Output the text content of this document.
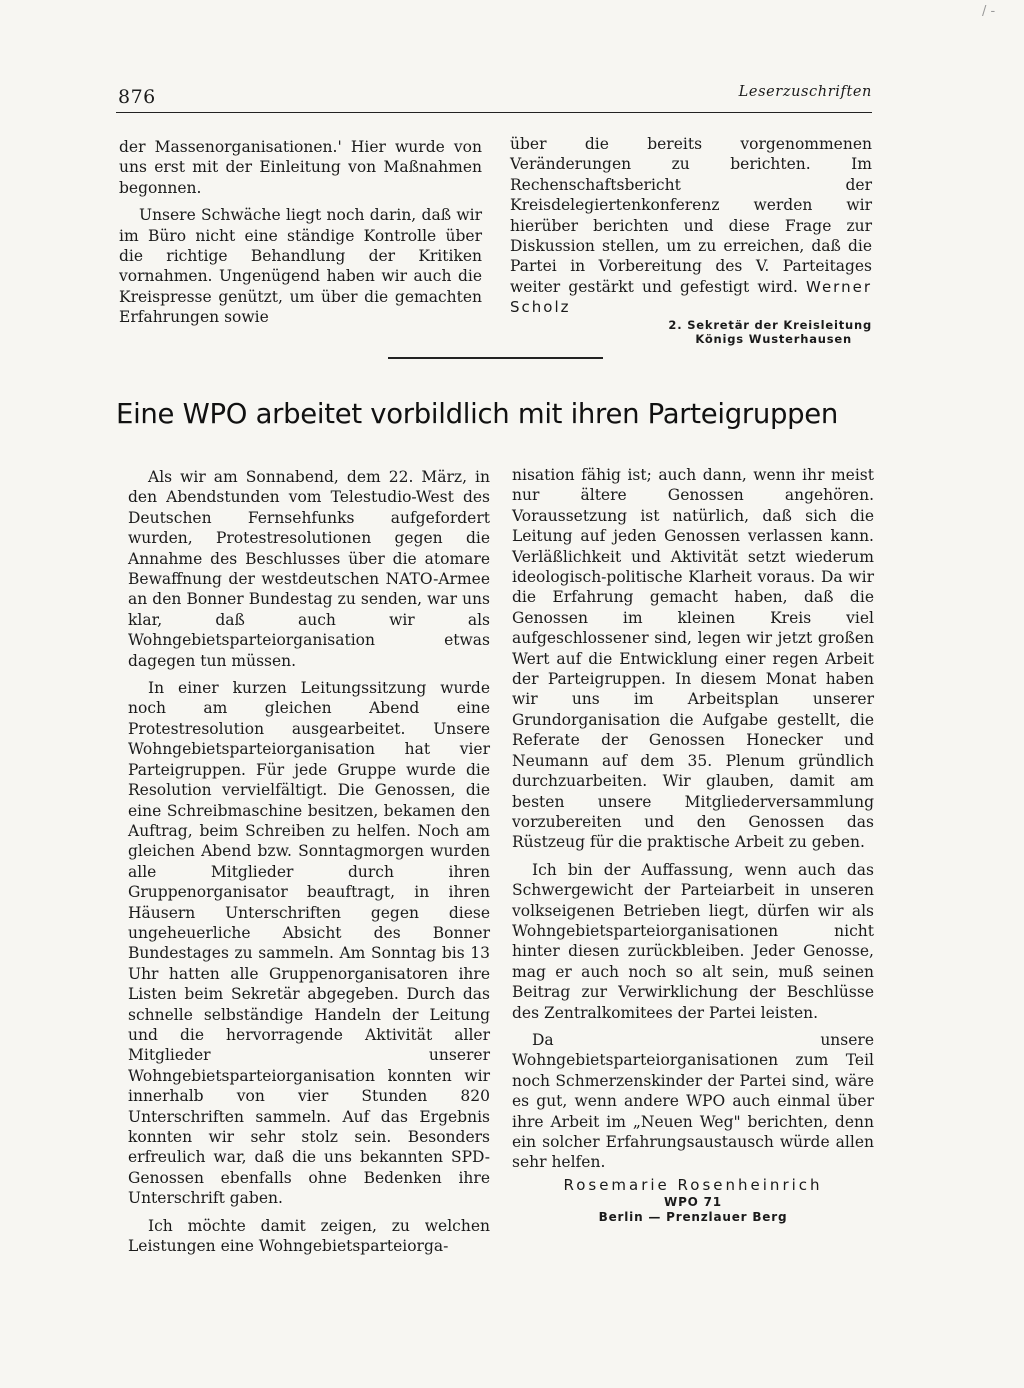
876	Leserzuschriften
/ -

der Massenorganisationen.' Hier wurde von uns erst mit der Einleitung von Maßnahmen begonnen.

Unsere Schwäche liegt noch darin, daß wir im Büro nicht eine ständige Kontrolle über die richtige Behandlung der Kritiken vornahmen. Ungenügend haben wir auch die Kreispresse genützt, um über die gemachten Erfahrungen sowie

über die bereits vorgenommenen Veränderungen zu berichten. Im Rechenschaftsbericht der Kreisdelegiertenkonferenz werden wir hierüber berichten und diese Frage zur Diskussion stellen, um zu erreichen, daß die Partei in Vorbereitung des V. Parteitages weiter gestärkt und gefestigt wird. Werner Scholz

2. Sekretär der Kreisleitung
Königs Wusterhausen
Eine WPO arbeitet vorbildlich mit ihren Parteigruppen

Als wir am Sonnabend, dem 22. März, in den Abendstunden vom Telestudio-West des Deutschen Fernsehfunks aufgefordert wurden, Protestresolutionen gegen die Annahme des Beschlusses über die atomare Bewaffnung der westdeutschen NATO-Armee an den Bonner Bundestag zu senden, war uns klar, daß auch wir als Wohngebietsparteiorganisation etwas dagegen tun müssen.

In einer kurzen Leitungssitzung wurde noch am gleichen Abend eine Protestresolution ausgearbeitet. Unsere Wohngebietsparteiorganisation hat vier Parteigruppen. Für jede Gruppe wurde die Resolution vervielfältigt. Die Genossen, die eine Schreibmaschine besitzen, bekamen den Auftrag, beim Schreiben zu helfen. Noch am gleichen Abend bzw. Sonntagmorgen wurden alle Mitglieder durch ihren Gruppenorganisator beauftragt, in ihren Häusern Unterschriften gegen diese ungeheuerliche Absicht des Bonner Bundestages zu sammeln. Am Sonntag bis 13 Uhr hatten alle Gruppenorganisatoren ihre Listen beim Sekretär abgegeben. Durch das schnelle selbständige Handeln der Leitung und die hervorragende Aktivität aller Mitglieder unserer Wohngebietsparteiorganisation konnten wir innerhalb von vier Stunden 820 Unterschriften sammeln. Auf das Ergebnis konnten wir sehr stolz sein. Besonders erfreulich war, daß die uns bekannten SPD-Genossen ebenfalls ohne Bedenken ihre Unterschrift gaben.

Ich möchte damit zeigen, zu welchen Leistungen eine Wohngebietsparteiorga-

nisation fähig ist; auch dann, wenn ihr meist nur ältere Genossen angehören. Voraussetzung ist natürlich, daß sich die Leitung auf jeden Genossen verlassen kann. Verläßlichkeit und Aktivität setzt wiederum ideologisch-politische Klarheit voraus. Da wir die Erfahrung gemacht haben, daß die Genossen im kleinen Kreis viel aufgeschlossener sind, legen wir jetzt großen Wert auf die Entwicklung einer regen Arbeit der Parteigruppen. In diesem Monat haben wir uns im Arbeitsplan unserer Grundorganisation die Aufgabe gestellt, die Referate der Genossen Honecker und Neumann auf dem 35. Plenum gründlich durchzuarbeiten. Wir glauben, damit am besten unsere Mitgliederversammlung vorzubereiten und den Genossen das Rüstzeug für die praktische Arbeit zu geben.

Ich bin der Auffassung, wenn auch das Schwergewicht der Parteiarbeit in unseren volkseigenen Betrieben liegt, dürfen wir als Wohngebietsparteiorganisationen nicht hinter diesen zurückbleiben. Jeder Genosse, mag er auch noch so alt sein, muß seinen Beitrag zur Verwirklichung der Beschlüsse des Zentralkomitees der Partei leisten.

Da unsere Wohngebietsparteiorganisationen zum Teil noch Schmerzenskinder der Partei sind, wäre es gut, wenn andere WPO auch einmal über ihre Arbeit im „Neuen Weg" berichten, denn ein solcher Erfahrungsaustausch würde allen sehr helfen.

Rosemarie Rosenheinrich
WPO 71
Berlin — Prenzlauer Berg
